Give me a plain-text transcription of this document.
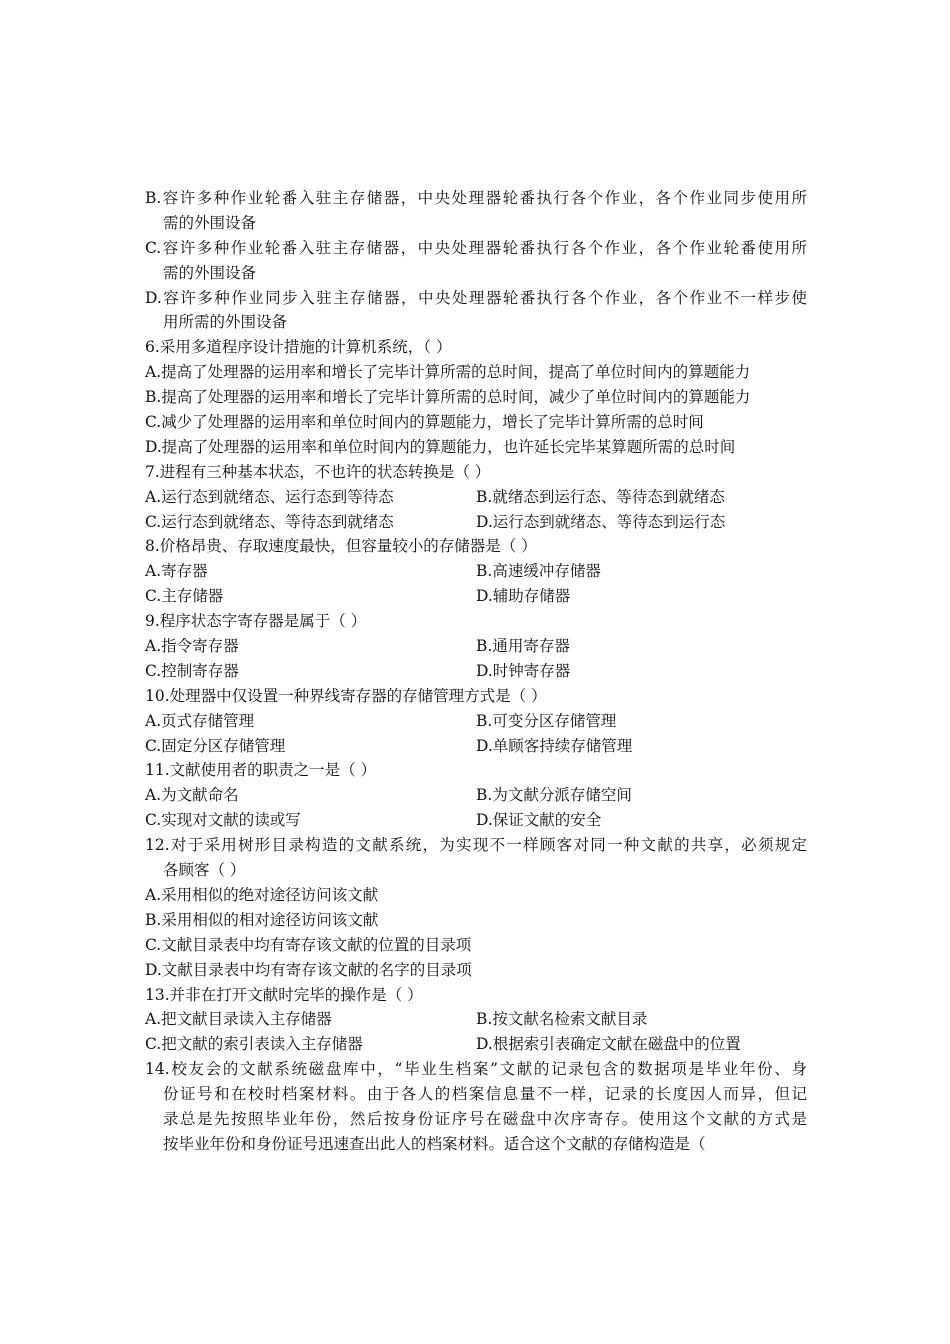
B.容许多种作业轮番入驻主存储器，中央处理器轮番执行各个作业，各个作业同步使用所
需的外围设备
C.容许多种作业轮番入驻主存储器，中央处理器轮番执行各个作业，各个作业轮番使用所
需的外围设备
D.容许多种作业同步入驻主存储器，中央处理器轮番执行各个作业，各个作业不一样步使
用所需的外围设备
6.采用多道程序设计措施的计算机系统，（ ）
A.提高了处理器的运用率和增长了完毕计算所需的总时间，提高了单位时间内的算题能力
B.提高了处理器的运用率和增长了完毕计算所需的总时间，减少了单位时间内的算题能力
C.减少了处理器的运用率和单位时间内的算题能力，增长了完毕计算所需的总时间
D.提高了处理器的运用率和单位时间内的算题能力，也许延长完毕某算题所需的总时间
7.进程有三种基本状态，不也许的状态转换是（ ）
A.运行态到就绪态、运行态到等待态	B.就绪态到运行态、等待态到就绪态
C.运行态到就绪态、等待态到就绪态	D.运行态到就绪态、等待态到运行态
8.价格昂贵、存取速度最快，但容量较小的存储器是（ ）
A.寄存器	B.高速缓冲存储器
C.主存储器	D.辅助存储器
9.程序状态字寄存器是属于（ ）
A.指令寄存器	B.通用寄存器
C.控制寄存器	D.时钟寄存器
10.处理器中仅设置一种界线寄存器的存储管理方式是（ ）
A.页式存储管理	B.可变分区存储管理
C.固定分区存储管理	D.单顾客持续存储管理
11.文献使用者的职责之一是（ ）
A.为文献命名	B.为文献分派存储空间
C.实现对文献的读或写	D.保证文献的安全
12.对于采用树形目录构造的文献系统，为实现不一样顾客对同一种文献的共享，必须规定
各顾客（ ）
A.采用相似的绝对途径访问该文献
B.采用相似的相对途径访问该文献
C.文献目录表中均有寄存该文献的位置的目录项
D.文献目录表中均有寄存该文献的名字的目录项
13.并非在打开文献时完毕的操作是（ ）
A.把文献目录读入主存储器	B.按文献名检索文献目录
C.把文献的索引表读入主存储器	D.根据索引表确定文献在磁盘中的位置
14.校友会的文献系统磁盘库中，“毕业生档案”文献的记录包含的数据项是毕业年份、身
份证号和在校时档案材料。由于各人的档案信息量不一样，记录的长度因人而异，但记
录总是先按照毕业年份，然后按身份证序号在磁盘中次序寄存。使用这个文献的方式是
按毕业年份和身份证号迅速查出此人的档案材料。适合这个文献的存储构造是（
